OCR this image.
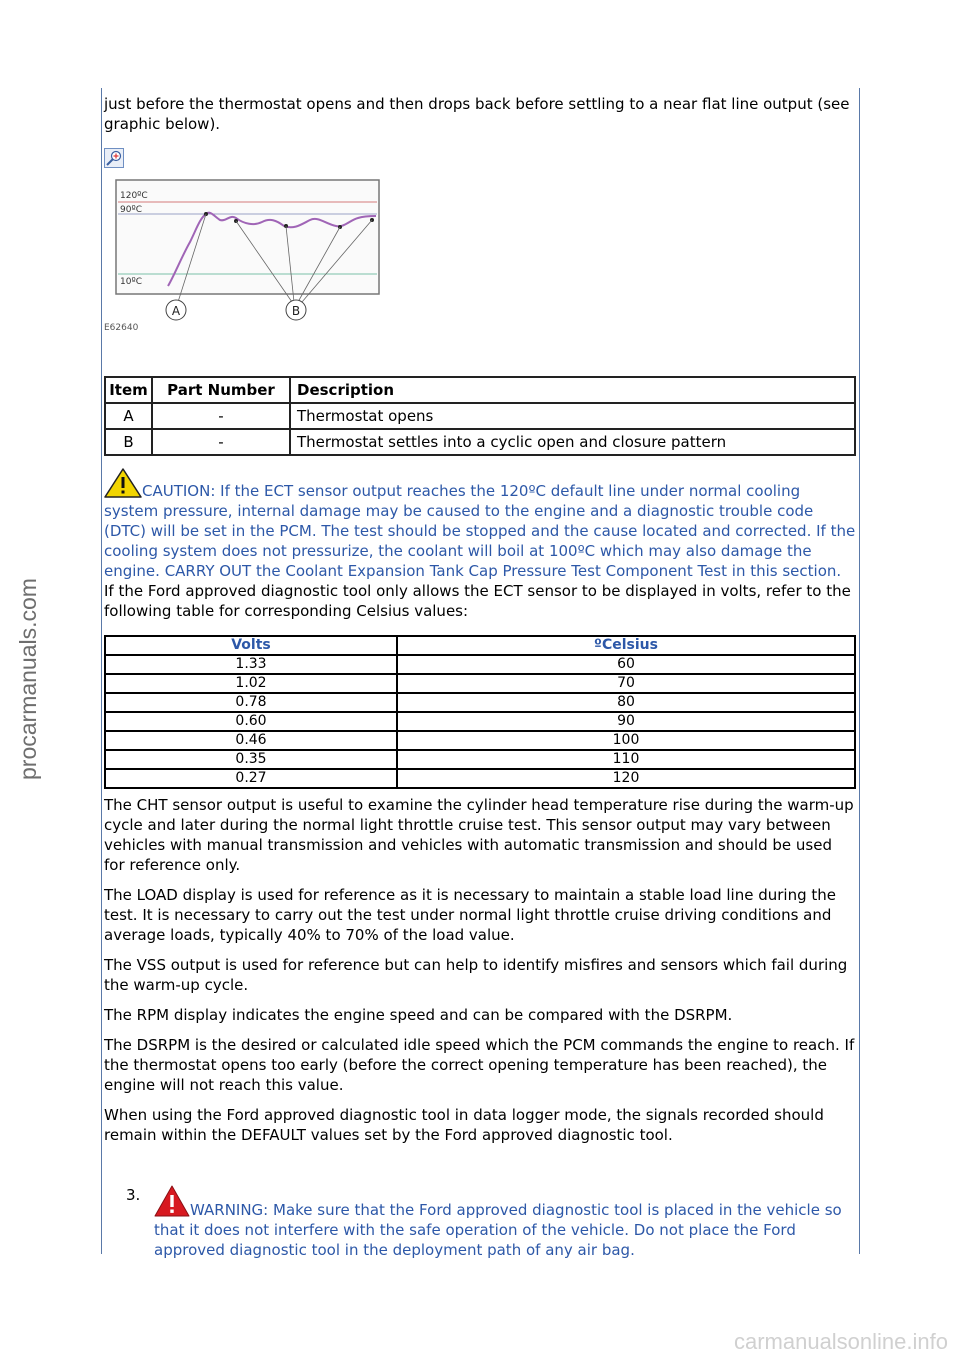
procarmanuals.com

just before the thermostat opens and then drops back before settling to a near flat line output (see graphic below).

120ºC
90ºC
10ºC
A	B
E62640
Item	Part Number	Description
A	-	Thermostat opens
B	-	Thermostat settles into a cyclic open and closure pattern

CAUTION: If the ECT sensor output reaches the 120ºC default line under normal cooling system pressure, internal damage may be caused to the engine and a diagnostic trouble code (DTC) will be set in the PCM. The test should be stopped and the cause located and corrected. If the cooling system does not pressurize, the coolant will boil at 100ºC which may also damage the engine. CARRY OUT the Coolant Expansion Tank Cap Pressure Test Component Test in this section.

If the Ford approved diagnostic tool only allows the ECT sensor to be displayed in volts, refer to the following table for corresponding Celsius values:

Volts	ºCelsius
1.33	60
1.02	70
0.78	80
0.60	90
0.46	100
0.35	110
0.27	120

The CHT sensor output is useful to examine the cylinder head temperature rise during the warm-up cycle and later during the normal light throttle cruise test. This sensor output may vary between vehicles with manual transmission and vehicles with automatic transmission and should be used for reference only.

The LOAD display is used for reference as it is necessary to maintain a stable load line during the test. It is necessary to carry out the test under normal light throttle cruise driving conditions and average loads, typically 40% to 70% of the load value.

The VSS output is used for reference but can help to identify misfires and sensors which fail during the warm-up cycle.

The RPM display indicates the engine speed and can be compared with the DSRPM.

The DSRPM is the desired or calculated idle speed which the PCM commands the engine to reach. If the thermostat opens too early (before the correct opening temperature has been reached), the engine will not reach this value.

When using the Ford approved diagnostic tool in data logger mode, the signals recorded should remain within the DEFAULT values set by the Ford approved diagnostic tool.

3.

WARNING: Make sure that the Ford approved diagnostic tool is placed in the vehicle so that it does not interfere with the safe operation of the vehicle. Do not place the Ford approved diagnostic tool in the deployment path of any air bag.

carmanualsonline.info
